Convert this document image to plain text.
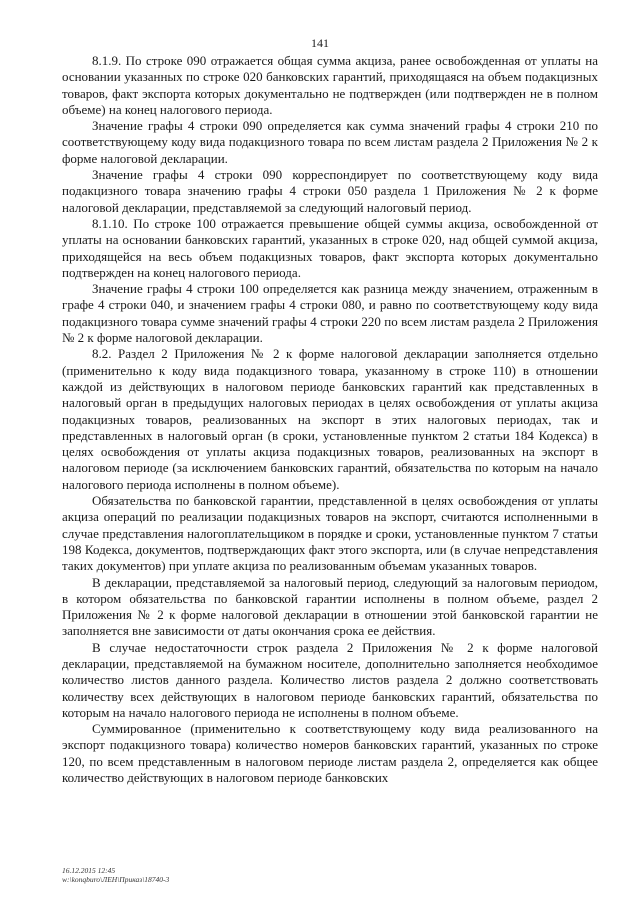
141

8.1.9. По строке 090 отражается общая сумма акциза, ранее освобожденная от уплаты на основании указанных по строке 020 банковских гарантий, приходящаяся на объем подакцизных товаров, факт экспорта которых документально не подтвержден (или подтвержден не в полном объеме) на конец налогового периода.

Значение графы 4 строки 090 определяется как сумма значений графы 4 строки 210 по соответствующему коду вида подакцизного товара по всем листам раздела 2 Приложения № 2 к форме налоговой декларации.

Значение графы 4 строки 090 корреспондирует по соответствующему коду вида подакцизного товара значению графы 4 строки 050 раздела 1 Приложения № 2 к форме налоговой декларации, представляемой за следующий налоговый период.

8.1.10. По строке 100 отражается превышение общей суммы акциза, освобожденной от уплаты на основании банковских гарантий, указанных в строке 020, над общей суммой акциза, приходящейся на весь объем подакцизных товаров, факт экспорта которых документально подтвержден на конец налогового периода.

Значение графы 4 строки 100 определяется как разница между значением, отраженным в графе 4 строки 040, и значением графы 4 строки 080, и равно по соответствующему коду вида подакцизного товара сумме значений графы 4 строки 220 по всем листам раздела 2 Приложения № 2 к форме налоговой декларации.

8.2. Раздел 2 Приложения № 2 к форме налоговой декларации заполняется отдельно (применительно к коду вида подакцизного товара, указанному в строке 110) в отношении каждой из действующих в налоговом периоде банковских гарантий как представленных в налоговый орган в предыдущих налоговых периодах в целях освобождения от уплаты акциза подакцизных товаров, реализованных на экспорт в этих налоговых периодах, так и представленных в налоговый орган (в сроки, установленные пунктом 2 статьи 184 Кодекса) в целях освобождения от уплаты акциза подакцизных товаров, реализованных на экспорт в налоговом периоде (за исключением банковских гарантий, обязательства по которым на начало налогового периода исполнены в полном объеме).

Обязательства по банковской гарантии, представленной в целях освобождения от уплаты акциза операций по реализации подакцизных товаров на экспорт, считаются исполненными в случае представления налогоплательщиком в порядке и сроки, установленные пунктом 7 статьи 198 Кодекса, документов, подтверждающих факт этого экспорта, или (в случае непредставления таких документов) при уплате акциза по реализованным объемам указанных товаров.

В декларации, представляемой за налоговый период, следующий за налоговым периодом, в котором обязательства по банковской гарантии исполнены в полном объеме, раздел 2 Приложения № 2 к форме налоговой декларации в отношении этой банковской гарантии не заполняется вне зависимости от даты окончания срока ее действия.

В случае недостаточности строк раздела 2 Приложения № 2 к форме налоговой декларации, представляемой на бумажном носителе, дополнительно заполняется необходимое количество листов данного раздела. Количество листов раздела 2 должно соответствовать количеству всех действующих в налоговом периоде банковских гарантий, обязательства по которым на начало налогового периода не исполнены в полном объеме.

Суммированное (применительно к соответствующему коду вида реализованного на экспорт подакцизного товара) количество номеров банковских гарантий, указанных по строке 120, по всем представленным в налоговом периоде листам раздела 2, определяется как общее количество действующих в налоговом периоде банковских

16.12.2015 12:45
w:\konqburo\ЛЕН\Приказ\18740-3
